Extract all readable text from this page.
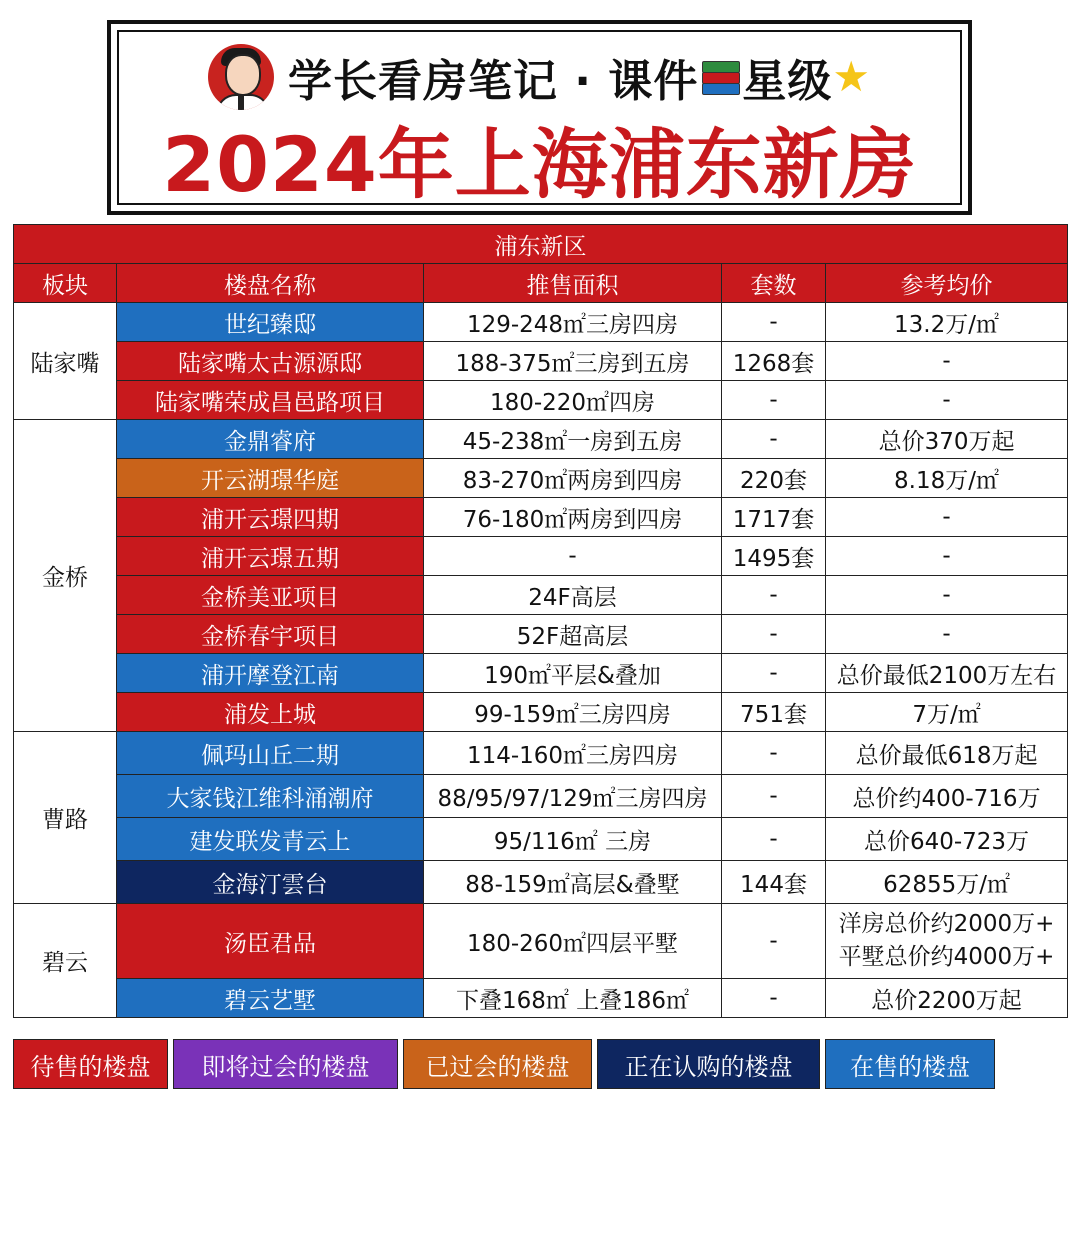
学长看房笔记 · 课件 星级 ★
2024年上海浦东新房
浦东新区				
板块	楼盘名称	推售面积	套数	参考均价
陆家嘴	世纪臻邸	129-248㎡三房四房	-	13.2万/㎡
	陆家嘴太古源源邸	188-375㎡三房到五房	1268套	-
	陆家嘴荣成昌邑路项目	180-220㎡四房	-	-
金桥	金鼎睿府	45-238㎡一房到五房	-	总价370万起
	开云湖璟华庭	83-270㎡两房到四房	220套	8.18万/㎡
	浦开云璟四期	76-180㎡两房到四房	1717套	-
	浦开云璟五期	-	1495套	-
	金桥美亚项目	24F高层	-	-
	金桥春宇项目	52F超高层	-	-
	浦开摩登江南	190㎡平层&叠加	-	总价最低2100万左右
	浦发上城	99-159㎡三房四房	751套	7万/㎡
曹路	佩玛山丘二期	114-160㎡三房四房	-	总价最低618万起
	大家钱江维科涌潮府	88/95/97/129㎡三房四房	-	总价约400-716万
	建发联发青云上	95/116㎡ 三房	-	总价640-723万
	金海汀雲台	88-159㎡高层&叠墅	144套	62855万/㎡
碧云	汤臣君品	180-260㎡四层平墅	-	洋房总价约2000万+
平墅总价约4000万+

	碧云艺墅	下叠168㎡ 上叠186㎡	-	总价2200万起
待售的楼盘	即将过会的楼盘	已过会的楼盘	正在认购的楼盘	在售的楼盘
